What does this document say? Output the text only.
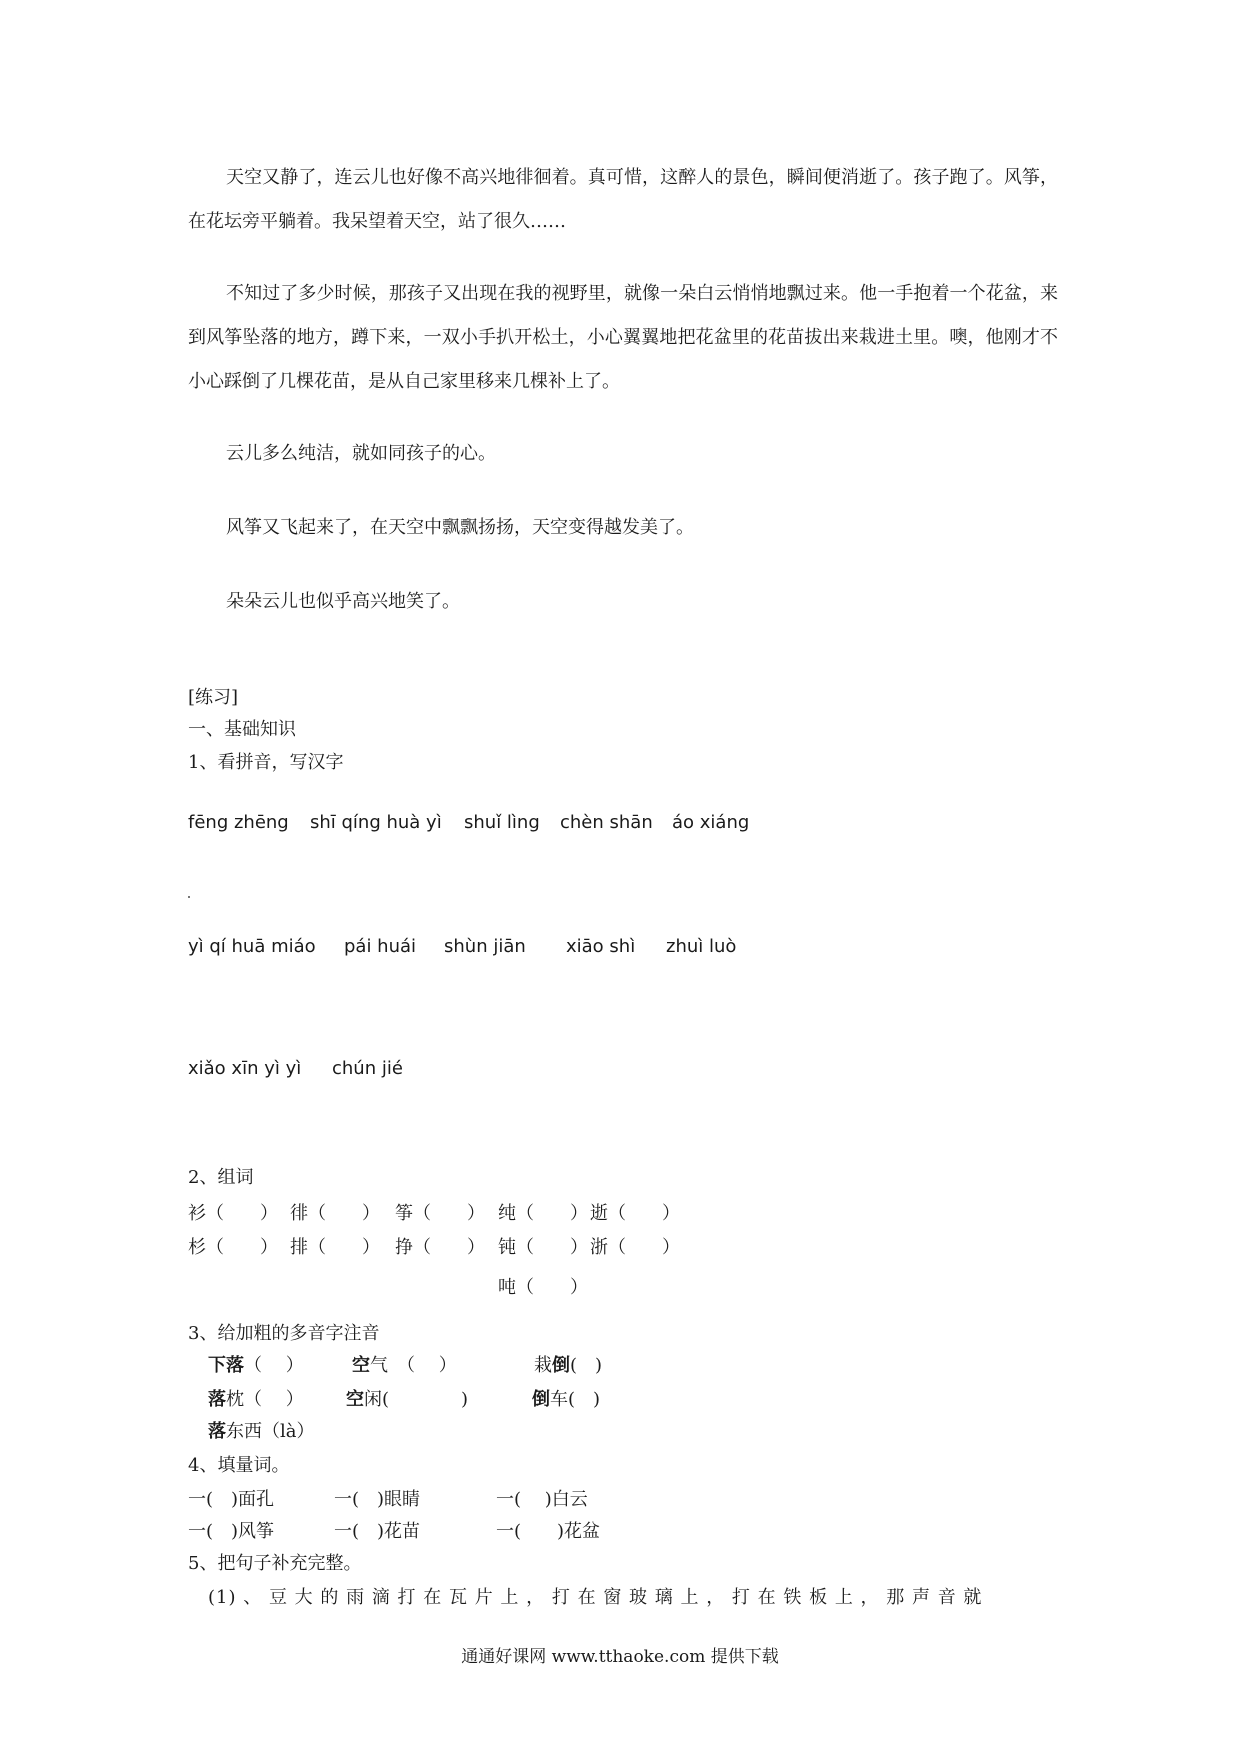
天空又静了，连云儿也好像不高兴地徘徊着。真可惜，这醉人的景色，瞬间便消逝了。孩子跑了。风筝，在花坛旁平躺着。我呆望着天空，站了很久……
不知过了多少时候，那孩子又出现在我的视野里，就像一朵白云悄悄地飘过来。他一手抱着一个花盆，来到风筝坠落的地方，蹲下来，一双小手扒开松土，小心翼翼地把花盆里的花苗拔出来栽进土里。噢，他刚才不小心踩倒了几棵花苗，是从自己家里移来几棵补上了。
云儿多么纯洁，就如同孩子的心。
风筝又飞起来了，在天空中飘飘扬扬，天空变得越发美了。
朵朵云儿也似乎高兴地笑了。
[练习]
一、基础知识
1、看拼音，写汉字
fēng zhēng shī qíng huà yì shuǐ lìng chèn shān áo xiáng
yì qí huā miáo pái huái shùn jiān xiāo shì zhuì luò
xiǎo xīn yì yì chún jié
2、组词
衫（　　） 徘（　　） 筝（　　） 纯（　　） 逝（　　）
杉（　　） 排（　　） 挣（　　） 钝（　　） 浙（　　）
吨（　　）
3、给加粗的多音字注音
下落（　 ）	空气　（　 ）	栽倒(　)
落枕（　 ） 空闲(　　　　)	倒车(　)
落东西（là）
4、填量词。
一(　)面孔	一(　)眼睛	一(　 )白云
一(　)风筝	一(　)花苗	一(　　)花盆
5、把句子补充完整。
(1) 、 豆 大 的 雨 滴 打 在 瓦 片 上 ， 打 在 窗 玻 璃 上 ， 打 在 铁 板 上 ， 那 声 音 就
通通好课网 www.tthaoke.com 提供下载
